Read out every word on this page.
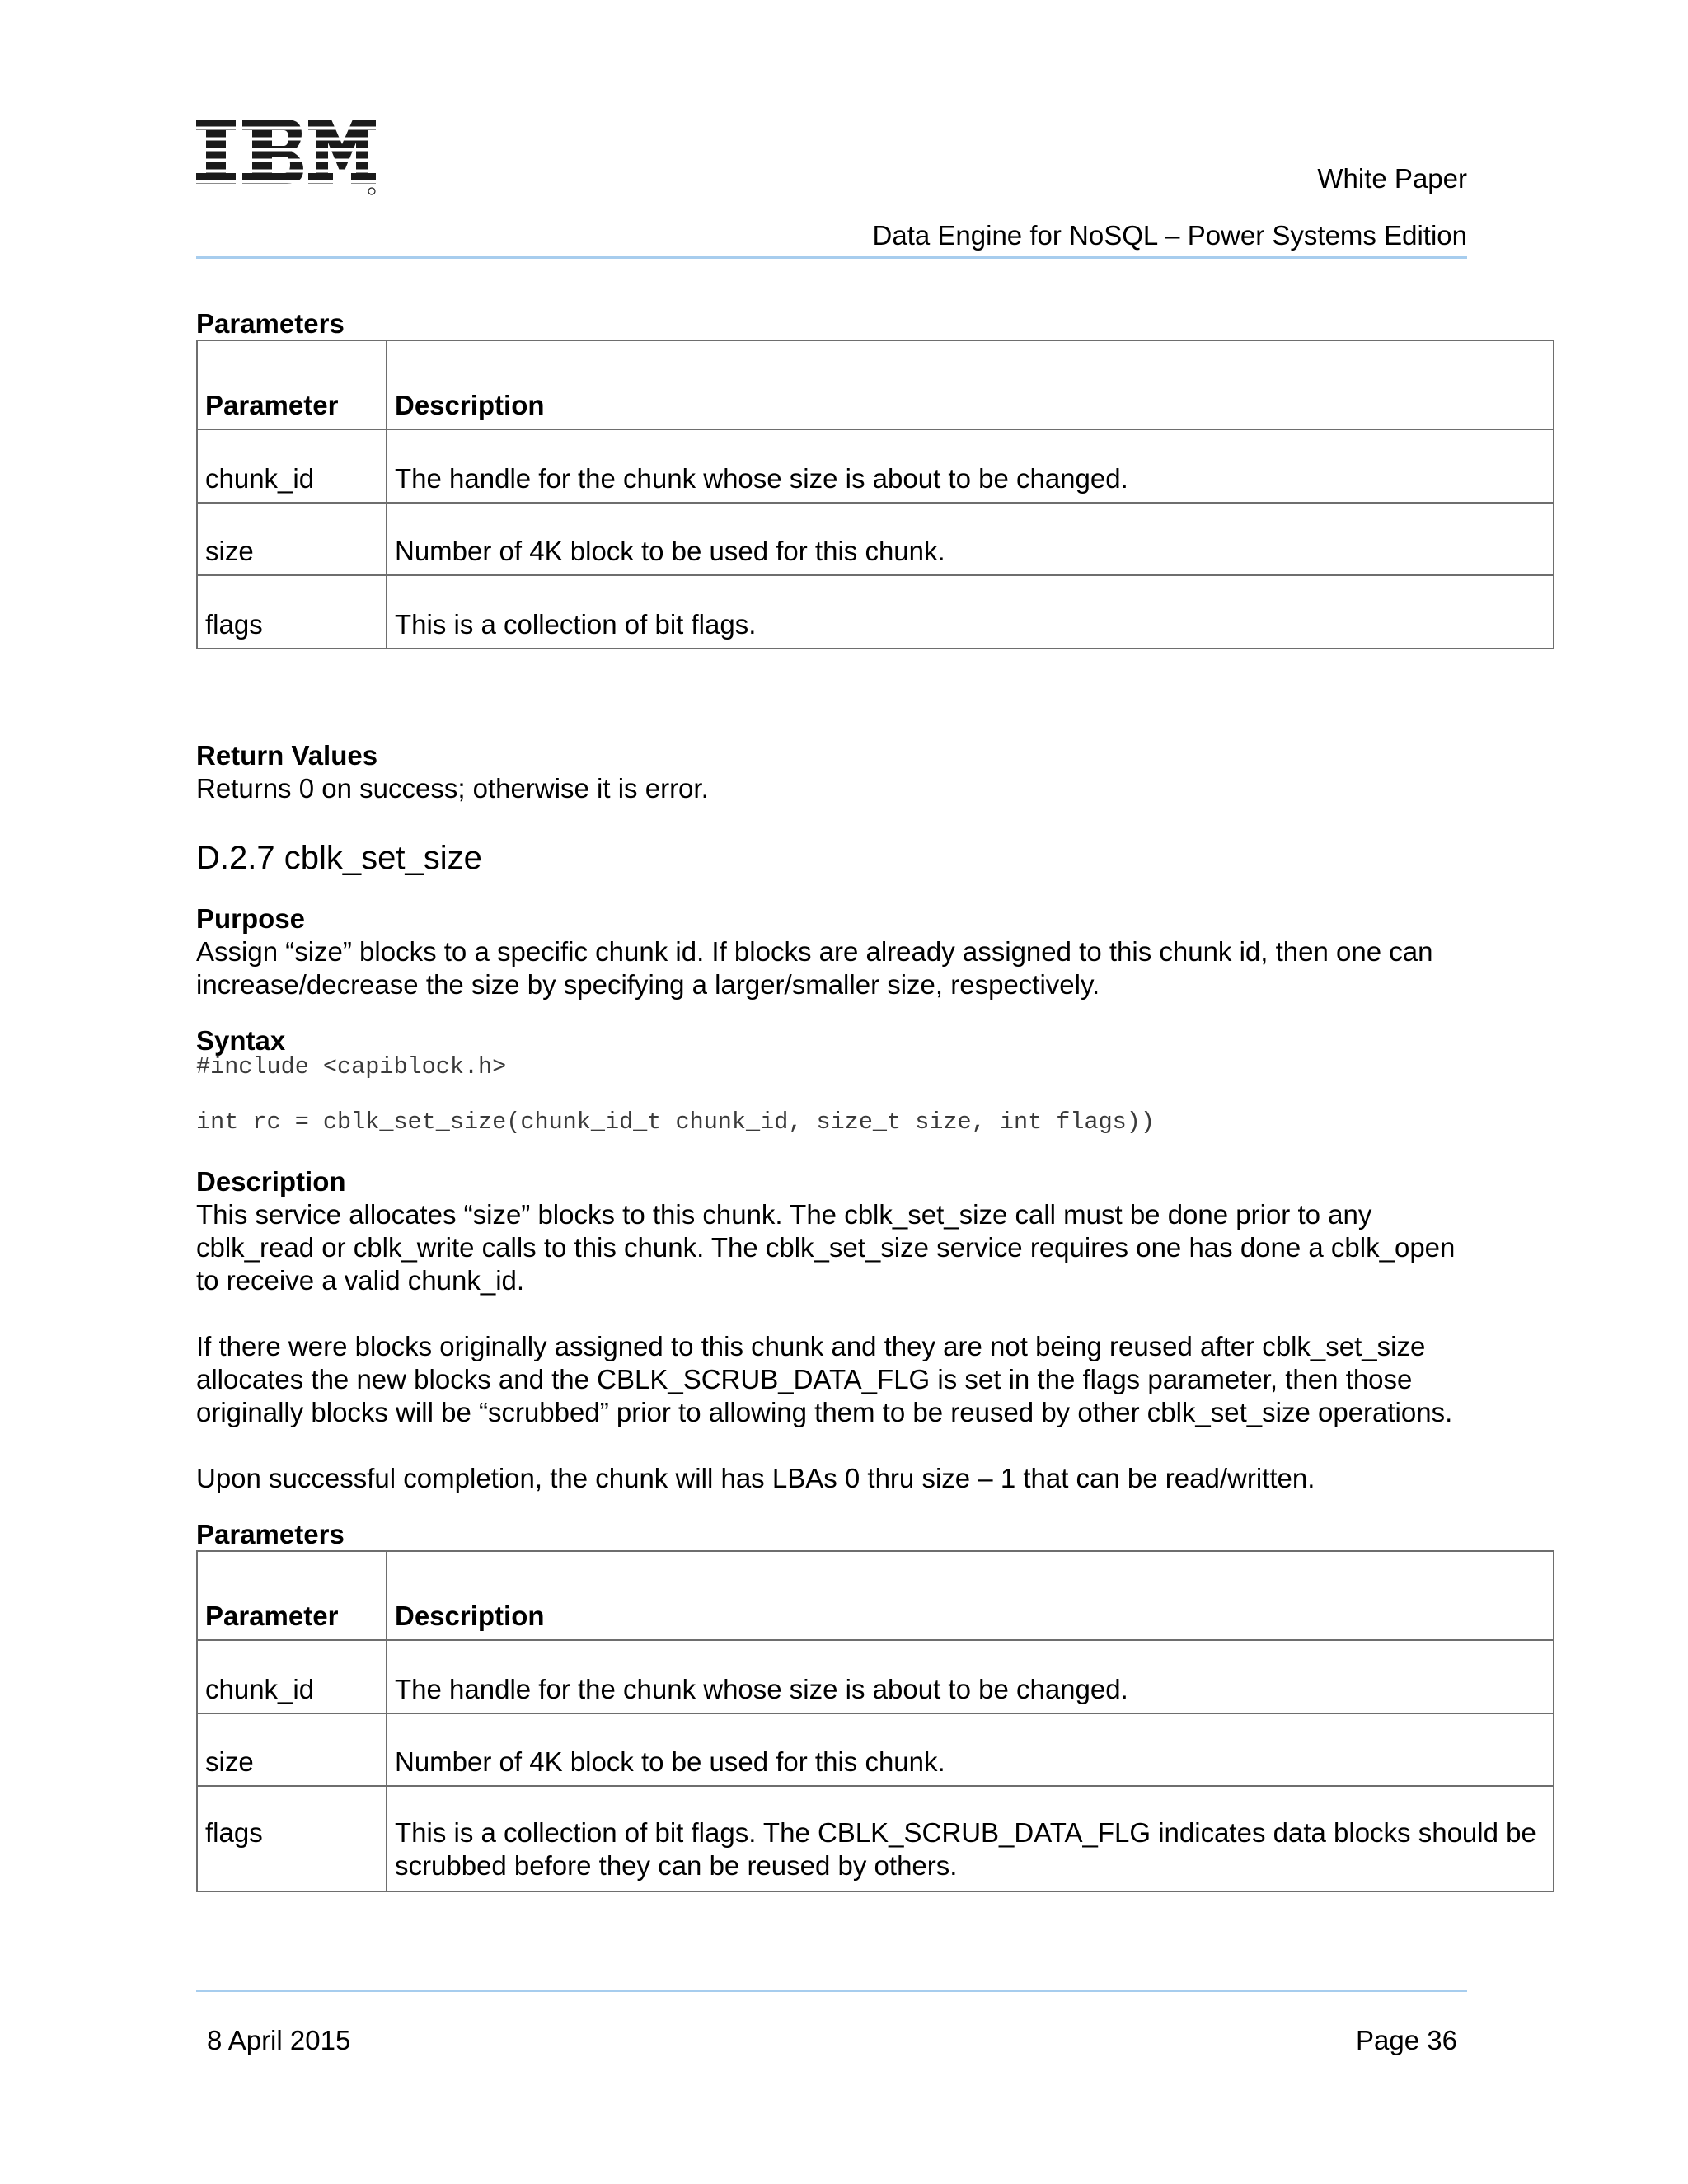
White Paper
Data Engine for NoSQL – Power Systems Edition
Parameters
Parameter	Description
chunk_id	The handle for the chunk whose size is about to be changed.
size	Number of 4K block to be used for this chunk.
flags	This is a collection of bit flags.
Return Values
Returns 0 on success; otherwise it is error.
D.2.7 cblk_set_size
Purpose
Assign “size” blocks to a specific chunk id. If blocks are already assigned to this chunk id, then one can
increase/decrease the size by specifying a larger/smaller size, respectively.
Syntax
#include <capiblock.h>
int rc = cblk_set_size(chunk_id_t chunk_id, size_t size, int flags))
Description
This service allocates “size” blocks to this chunk. The cblk_set_size call must be done prior to any
cblk_read or cblk_write calls to this chunk. The cblk_set_size service requires one has done a cblk_open
to receive a valid chunk_id.
If there were blocks originally assigned to this chunk and they are not being reused after cblk_set_size
allocates the new blocks and the CBLK_SCRUB_DATA_FLG is set in the flags parameter, then those
originally blocks will be “scrubbed” prior to allowing them to be reused by other cblk_set_size operations.
Upon successful completion, the chunk will has LBAs 0 thru size – 1 that can be read/written.
Parameters
Parameter	Description
chunk_id	The handle for the chunk whose size is about to be changed.
size	Number of 4K block to be used for this chunk.
flags	This is a collection of bit flags. The CBLK_SCRUB_DATA_FLG indicates data blocks should be scrubbed before they can be reused by others.
8 April 2015	Page 36
